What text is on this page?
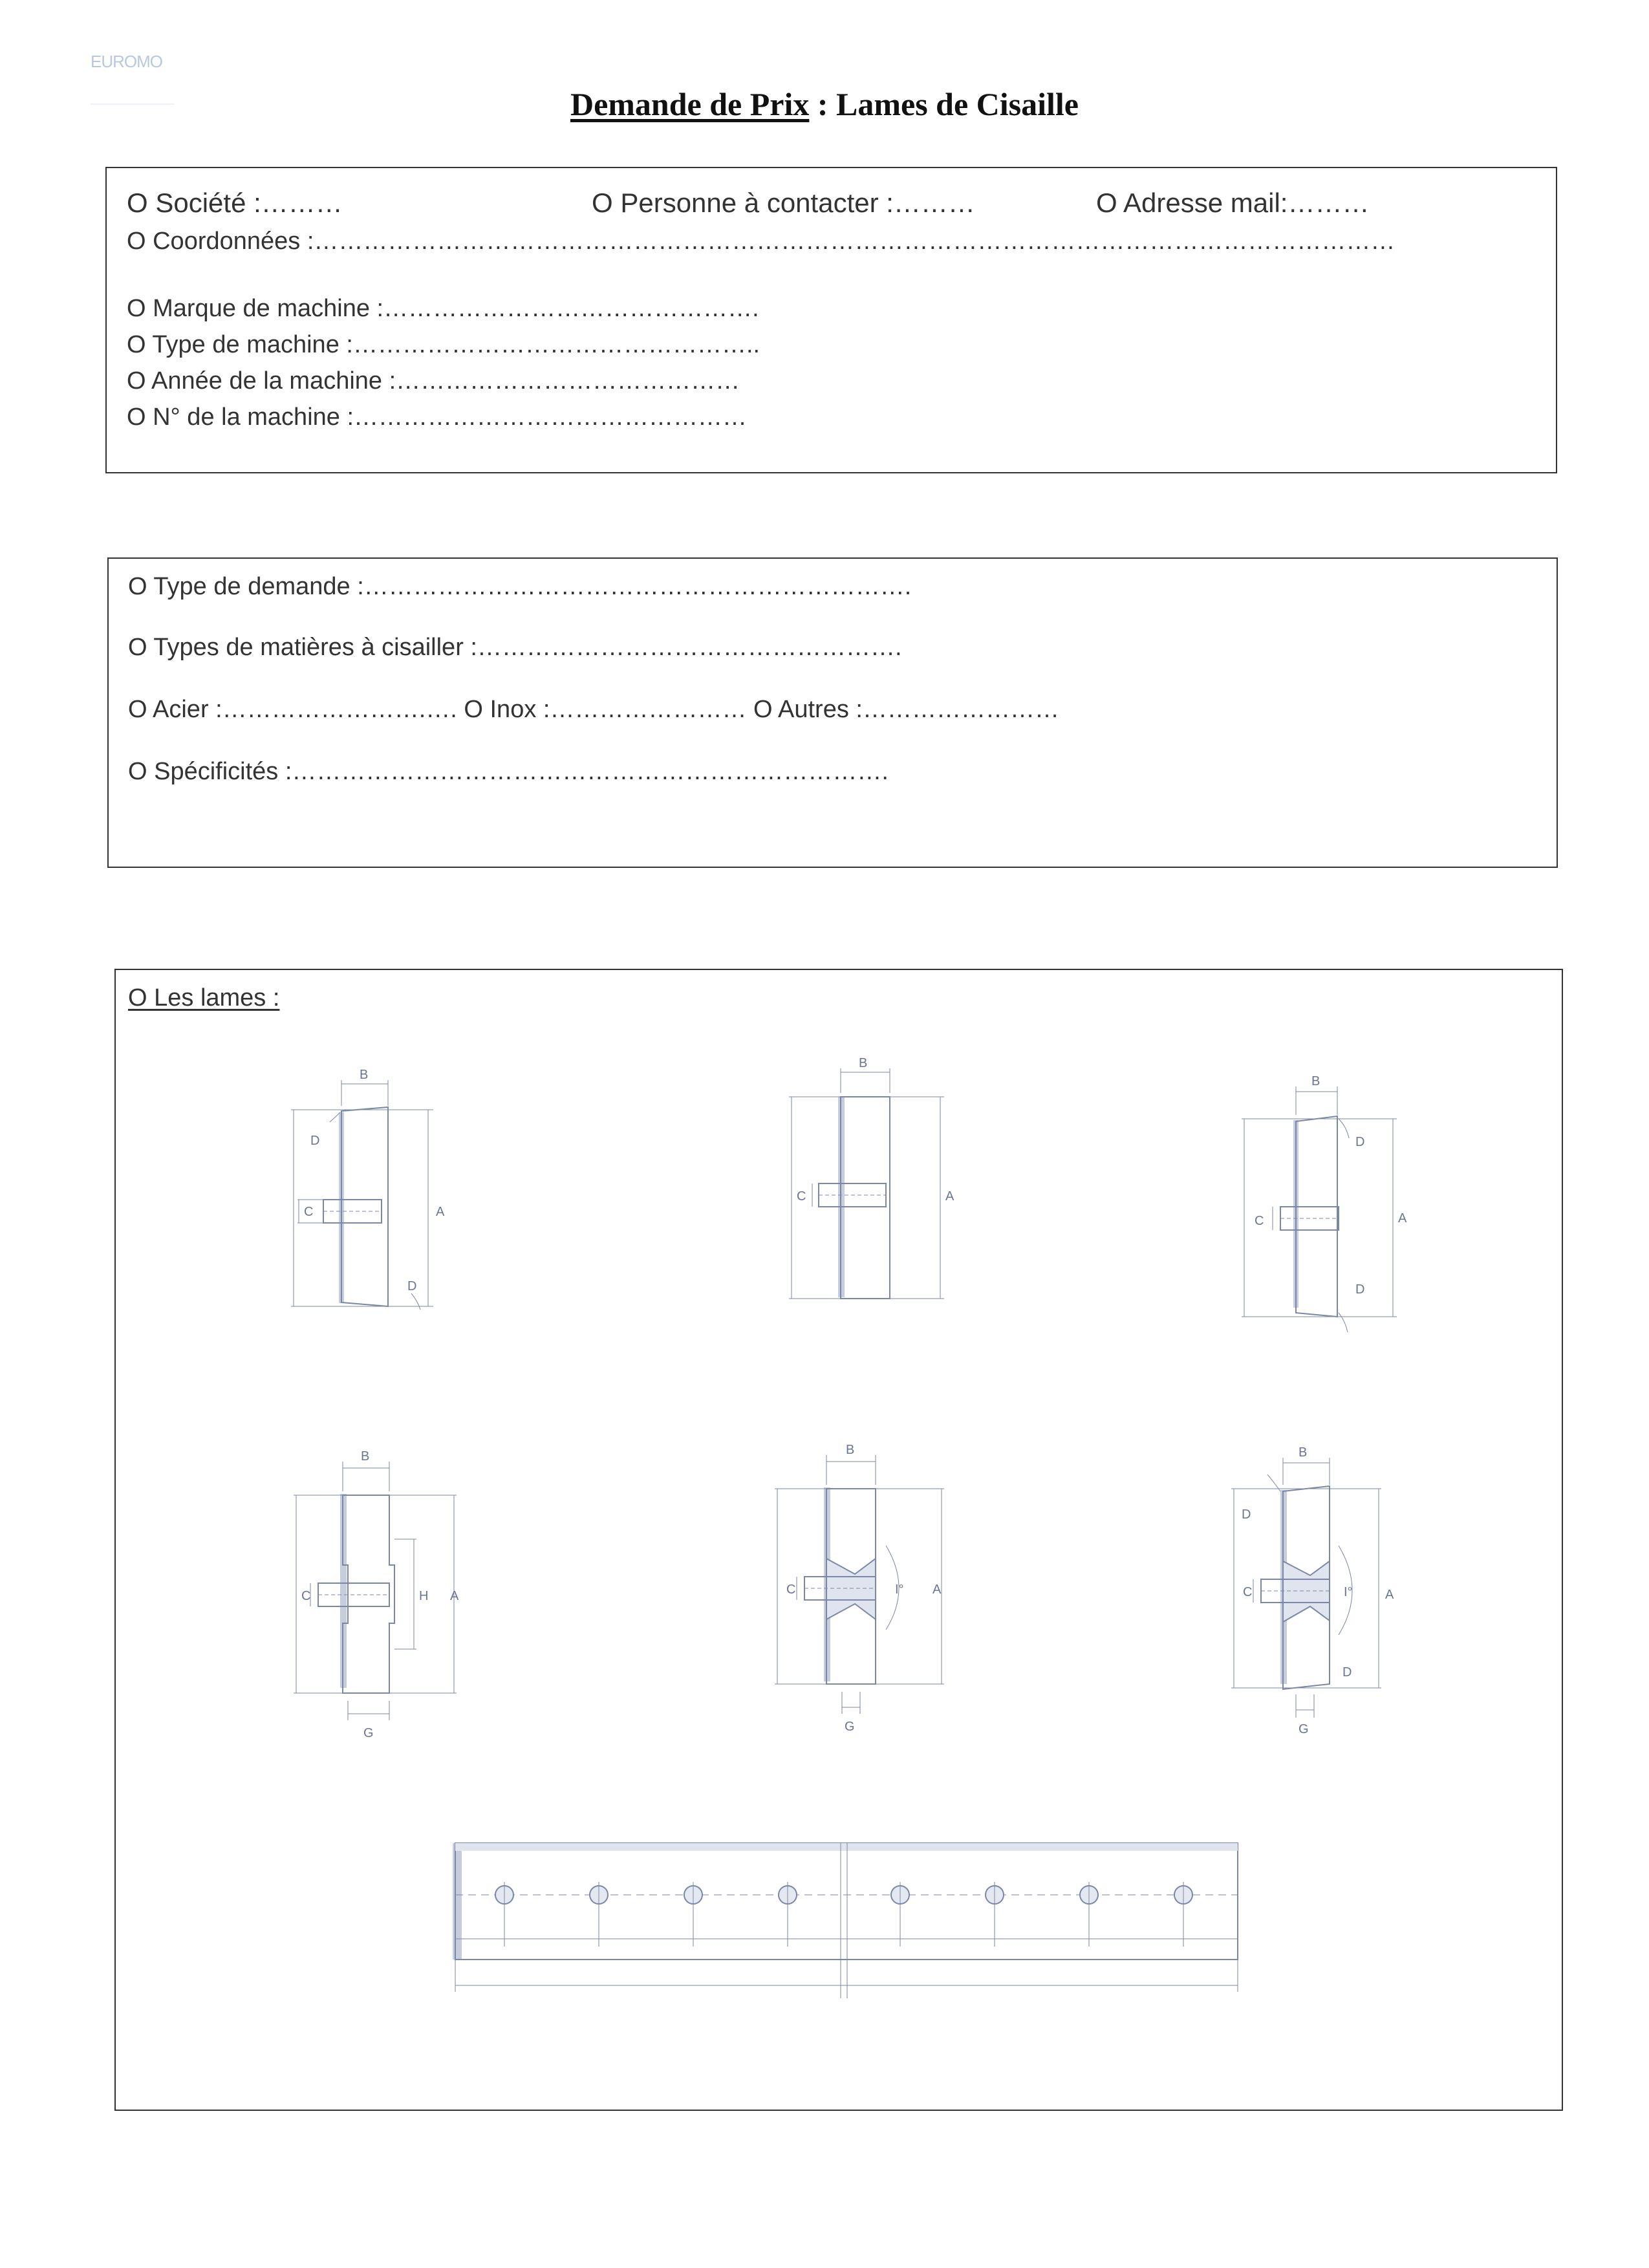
EUROMO
Demande de Prix : Lames de Cisaille
O Société :………	O Personne à contacter :………	O Adresse mail:………
O Coordonnées :……………………………………………………………………………………………………………………
O Marque de machine :……………………………………….
O Type de machine :…………………………………………..
O Année de la machine :……………………………………
O N° de la machine :…………………………………………
O Type de demande :………………………………………………………….
O Types de matières à cisailler :…………………………………………….
O Acier :…………………….…. O Inox :…………………… O Autres :……………………
O Spécificités :……………………………………………………………….
O Les lames :
B
D
C	A
D
B
C	A
B
D
C	A
D
B
C	H A
G
B
C	I° A
G
B
D
C	I°	A
D
G
